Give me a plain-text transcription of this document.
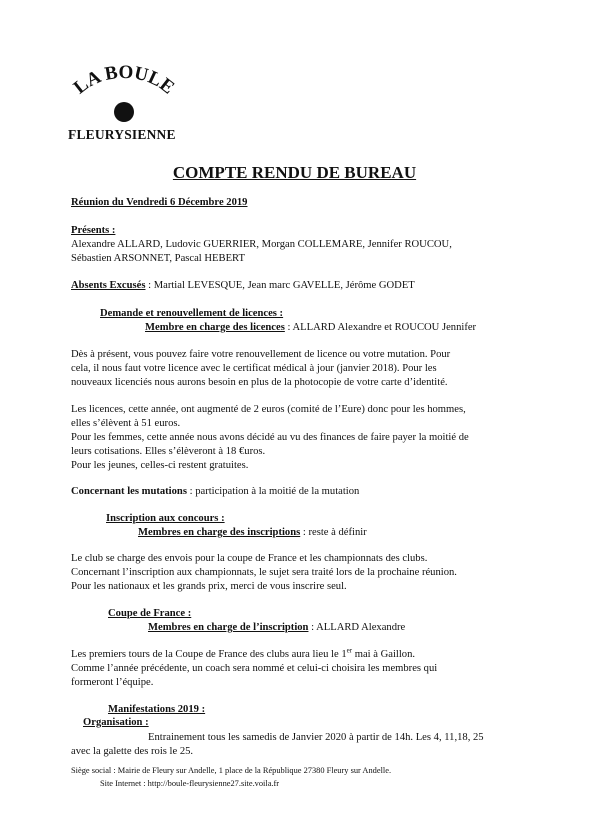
LA BOULE
FLEURYSIENNE
COMPTE RENDU DE BUREAU
Réunion du Vendredi 6 Décembre 2019
Présents :
Alexandre ALLARD, Ludovic GUERRIER, Morgan COLLEMARE, Jennifer ROUCOU,
Sébastien ARSONNET, Pascal HEBERT
Absents Excusés : Martial LEVESQUE, Jean marc GAVELLE, Jérôme GODET
Demande et renouvellement de licences :
Membre en charge des licences : ALLARD Alexandre et ROUCOU Jennifer
Dès à présent, vous pouvez faire votre renouvellement de licence ou votre mutation. Pour
cela, il nous faut votre licence avec le certificat médical à jour (janvier 2018). Pour les
nouveaux licenciés nous aurons besoin en plus de la photocopie de votre carte d’identité.
Les licences, cette année, ont augmenté de 2 euros (comité de l’Eure) donc pour les hommes,
elles s’élèvent à 51 euros.
Pour les femmes, cette année nous avons décidé au vu des finances de faire payer la moitié de
leurs cotisations. Elles s’élèveront à 18 €uros.
Pour les jeunes, celles-ci restent gratuites.
Concernant les mutations : participation à la moitié de la mutation
Inscription aux concours :
Membres en charge des inscriptions : reste à définir
Le club se charge des envois pour la coupe de France et les championnats des clubs.
Concernant l’inscription aux championnats, le sujet sera traité lors de la prochaine réunion.
Pour les nationaux et les grands prix, merci de vous inscrire seul.
Coupe de France :
Membres en charge de l’inscription : ALLARD Alexandre
Les premiers tours de la Coupe de France des clubs aura lieu le 1er mai à Gaillon.
Comme l’année précédente, un coach sera nommé et celui-ci choisira les membres qui
formeront l’équipe.
Manifestations 2019 :
Organisation :
Entrainement tous les samedis de Janvier 2020 à partir de 14h. Les 4, 11,18, 25
avec la galette des rois le 25.
Siège social : Mairie de Fleury sur Andelle, 1 place de la République 27380 Fleury sur Andelle.
Site Internet : http://boule-fleurysienne27.site.voila.fr
